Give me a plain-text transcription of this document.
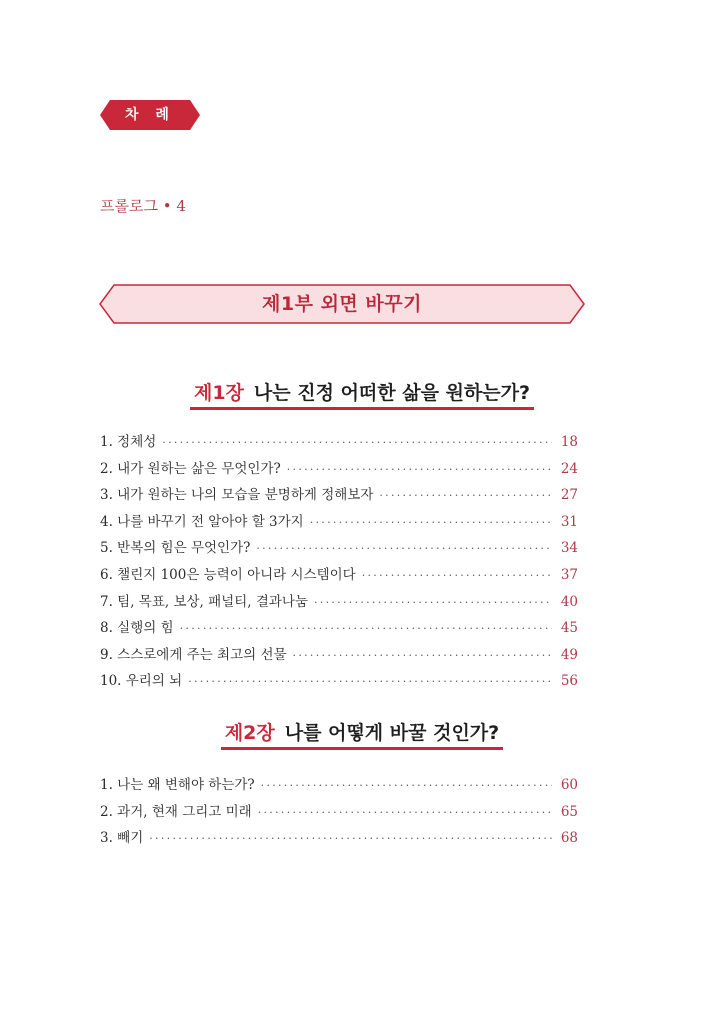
차 례
프롤로그 • 4
제1부 외면 바꾸기
제1장 나는 진정 어떠한 삶을 원하는가?
1. 정체성 ·····	18
2. 내가 원하는 삶은 무엇인가? ·····	24
3. 내가 원하는 나의 모습을 분명하게 정해보자 ·····	27
4. 나를 바꾸기 전 알아야 할 3가지 ·····	31
5. 반복의 힘은 무엇인가? ·····	34
6. 챌린지 100은 능력이 아니라 시스템이다 ·····	37
7. 팀, 목표, 보상, 패널티, 결과나눔 ·····	40
8. 실행의 힘 ·····	45
9. 스스로에게 주는 최고의 선물 ·····	49
10. 우리의 뇌 ·····	56
제2장 나를 어떻게 바꿀 것인가?
1. 나는 왜 변해야 하는가? ·····	60
2. 과거, 현재 그리고 미래 ·····	65
3. 빼기 ·····	68
